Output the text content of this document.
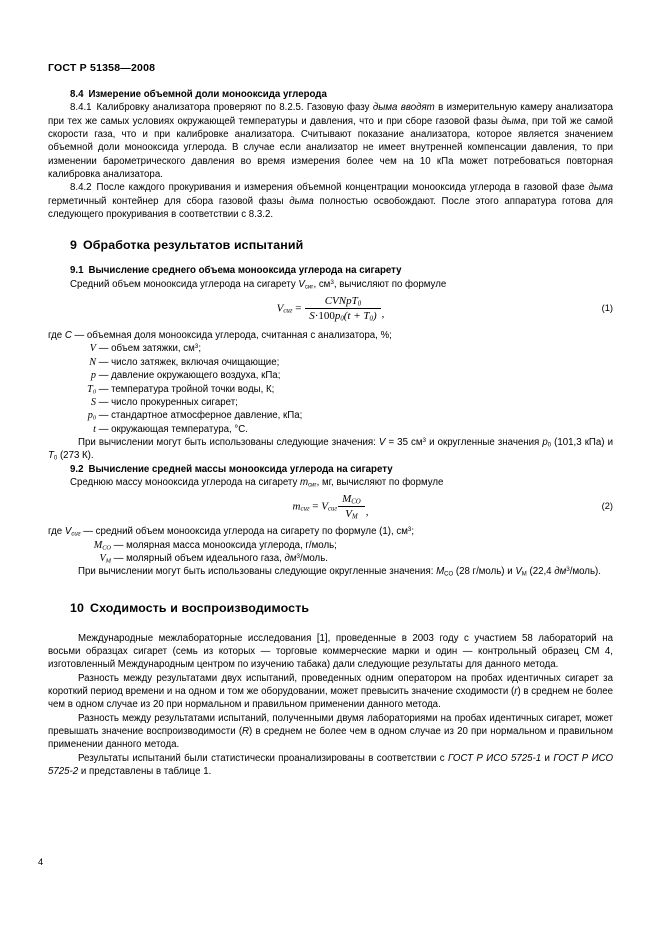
ГОСТ Р 51358—2008

8.4 Измерение объемной доли монооксида углерода

8.4.1 Калибровку анализатора проверяют по 8.2.5. Газовую фазу дыма вводят в измерительную камеру анализатора при тех же самых условиях окружающей температуры и давления, что и при сборе газовой фазы дыма, при той же самой скорости газа, что и при калибровке анализатора. Считывают показание анализатора, которое является значением объемной доли монооксида углерода. В случае если анализатор не имеет внутренней компенсации давления, то при изменении барометрического давления во время измерения более чем на 10 кПа может потребоваться повторная калибровка анализатора.

8.4.2 После каждого прокуривания и измерения объемной концентрации монооксида углерода в газовой фазе дыма герметичный контейнер для сбора газовой фазы дыма полностью освобождают. После этого аппаратура готова для следующего прокуривания в соответствии с 8.3.2.

9 Обработка результатов испытаний

9.1 Вычисление среднего объема монооксида углерода на сигарету

Средний объем монооксида углерода на сигарету $V_{сиг}$, $см^3$, вычисляют по формуле

$V_{сиг} = \frac{CVNpT_0}{S\cdot 100p_0(t + T_0)}$ ,
(1)
где C — объемная доля монооксида углерода, считанная с анализатора, %;
V — объем затяжки, $см^3$;
N — число затяжек, включая очищающие;
p — давление окружающего воздуха, кПа;
$T_0$ — температура тройной точки воды, К;
S — число прокуренных сигарет;
$p_0$ — стандартное атмосферное давление, кПа;
t — окружающая температура, °С.

При вычислении могут быть использованы следующие значения: V = 35 $см^3$ и округленные значения $p_0$ (101,3 кПа) и $T_0$ (273 К).

9.2 Вычисление средней массы монооксида углерода на сигарету

Среднюю массу монооксида углерода на сигарету $m_{сиг}$, мг, вычисляют по формуле

$m_{сиг} = V_{сиг} \frac{M_{CO}}{V_М}$ ,
(2)
где $V_{сиг}$ — средний объем монооксида углерода на сигарету по формуле (1), $см^3$;
$M_{CO}$ — молярная масса монооксида углерода, г/моль;
$V_М$ — молярный объем идеального газа, $дм^3$/моль.

При вычислении могут быть использованы следующие округленные значения: $M_{CO}$ (28 г/моль) и $V_М$ (22,4 $дм^3/моль$).

10 Сходимость и воспроизводимость

Международные межлабораторные исследования [1], проведенные в 2003 году с участием 58 лабораторий на восьми образцах сигарет (семь из которых — торговые коммерческие марки и один — контрольный образец СМ 4, изготовленный Международным центром по изучению табака) дали следующие результаты для данного метода.

Разность между результатами двух испытаний, проведенных одним оператором на пробах идентичных сигарет за короткий период времени и на одном и том же оборудовании, может превысить значение сходимости (r) в среднем не более чем в одном случае из 20 при нормальном и правильном применении данного метода.

Разность между результатами испытаний, полученными двумя лабораториями на пробах идентичных сигарет, может превышать значение воспроизводимости (R) в среднем не более чем в одном случае из 20 при нормальном и правильном применении данного метода.

Результаты испытаний были статистически проанализированы в соответствии с ГОСТ Р ИСО 5725-1 и ГОСТ Р ИСО 5725-2 и представлены в таблице 1.

4
